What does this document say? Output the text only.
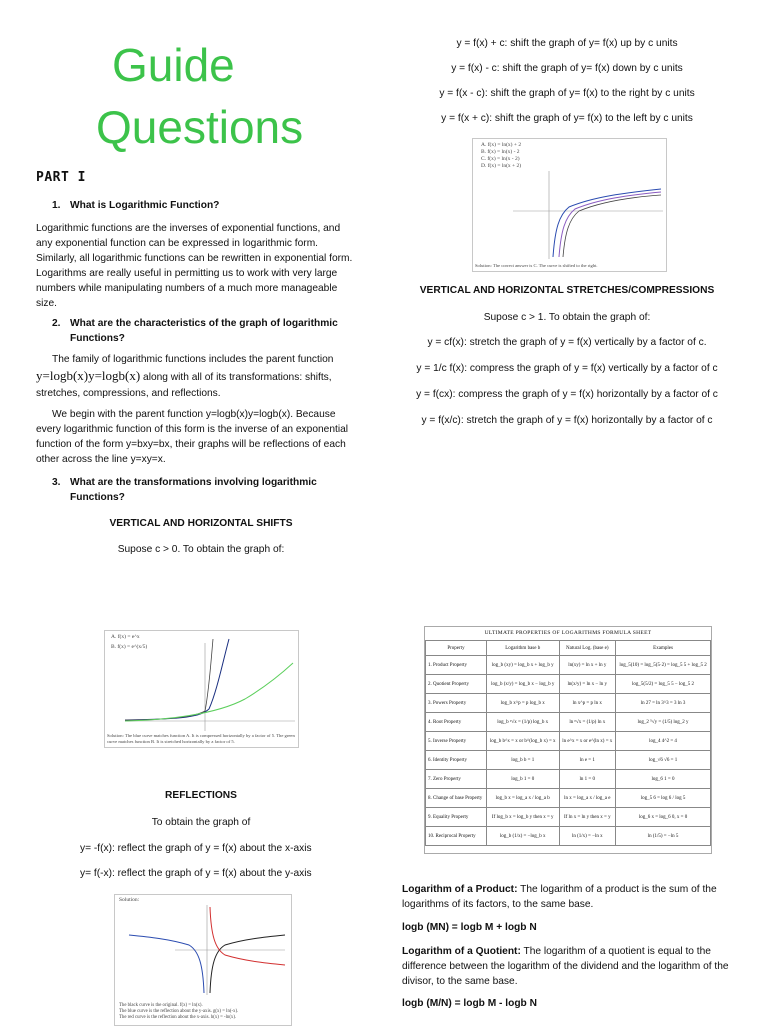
Guide
Questions
PART I
1. What is Logarithmic Function?
Logarithmic functions are the inverses of exponential functions, and any exponential function can be expressed in logarithmic form. Similarly, all logarithmic functions can be rewritten in exponential form. Logarithms are really useful in permitting us to work with very large numbers while manipulating numbers of a much more manageable size.
2. What are the characteristics of the graph of logarithmic Functions?
The family of logarithmic functions includes the parent function y=logb(x)y=logb(x) along with all of its transformations: shifts, stretches, compressions, and reflections.
We begin with the parent function y=logb(x)y=logb(x). Because every logarithmic function of this form is the inverse of an exponential function of the form y=bxy=bx, their graphs will be reflections of each other across the line y=xy=x.
3. What are the transformations involving logarithmic Functions?
VERTICAL AND HORIZONTAL SHIFTS
Supose c > 0. To obtain the graph of:
A. f(x) = e^x
B. f(x) = e^(x/5)
Solution: The blue curve matches function A. It is compressed horizontally by a factor of 5. The green curve matches function B. It is stretched horizontally by a factor of 5.
REFLECTIONS
To obtain the graph of
y= -f(x): reflect the graph of y = f(x) about the x-axis
y= f(-x): reflect the graph of y = f(x) about the y-axis
Solution:
The black curve is the original. f(x) = ln(x).
The blue curve is the reflection about the y-axis. g(x) = ln(-x).
The red curve is the reflection about the x-axis. h(x) = -ln(x).
y = f(x) + c: shift the graph of y= f(x) up by c units
y = f(x) - c: shift the graph of y= f(x) down by c units
y = f(x - c): shift the graph of y= f(x) to the right by c units
y = f(x + c): shift the graph of y= f(x) to the left by c units
A. f(x) = ln(x) + 2
B. f(x) = ln(x) - 2
C. f(x) = ln(x - 2)
D. f(x) = ln(x + 2)
Solution: The correct answer is C. The curve is shifted to the right.
VERTICAL AND HORIZONTAL STRETCHES/COMPRESSIONS
Supose c > 1. To obtain the graph of:
y = cf(x): stretch the graph of y = f(x) vertically by a factor of c.
y = 1/c f(x): compress the graph of y = f(x) vertically by a factor of c
y = f(cx): compress the graph of y = f(x) horizontally by a factor of c
y = f(x/c): stretch the graph of y = f(x) horizontally by a factor of c
ULTIMATE PROPERTIES OF LOGARITHMS FORMULA SHEET
Property	Logarithm base b	Natural Log. (base e)	Examples
1. Product Property	log_b (xy) = log_b x + log_b y	ln(xy) = ln x + ln y	log_5(10) = log_5(5·2) = log_5 5 + log_5 2
2. Quotient Property	log_b (x/y) = log_b x − log_b y	ln(x/y) = ln x − ln y	log_5(5/2) = log_5 5 − log_5 2
3. Powers Property	log_b x^p = p log_b x	ln x^p = p ln x	ln 27 = ln 3^3 = 3 ln 3
4. Root Property	log_b ᵖ√x = (1/p) log_b x	ln ᵖ√x = (1/p) ln x	log_2 ⁵√y = (1/5) log_2 y
5. Inverse Property	log_b b^x = x or b^(log_b x) = x	ln e^x = x or e^(ln x) = x	log_4 4^2 = 4
6. Identity Property	log_b b = 1	ln e = 1	log_√6 √6 = 1
7. Zero Property	log_b 1 = 0	ln 1 = 0	log_6 1 = 0
8. Change of base Property	log_b x = log_a x / log_a b	ln x = log_a x / log_a e	log_5 6 = log 6 / log 5
9. Equality Property	If log_b x = log_b y then x = y	If ln x = ln y then x = y	log_6 x = log_6 0, x = 0
10. Reciprocal Property	log_b (1/x) = −log_b x	ln (1/x) = −ln x	ln (1/5) = −ln 5
Logarithm of a Product: The logarithm of a product is the sum of the logarithms of its factors, to the same base.
logb (MN) = logb M + logb N
Logarithm of a Quotient: The logarithm of a quotient is equal to the difference between the logarithm of the dividend and the logarithm of the divisor, to the same base.
logb (M/N) = logb M - logb N
